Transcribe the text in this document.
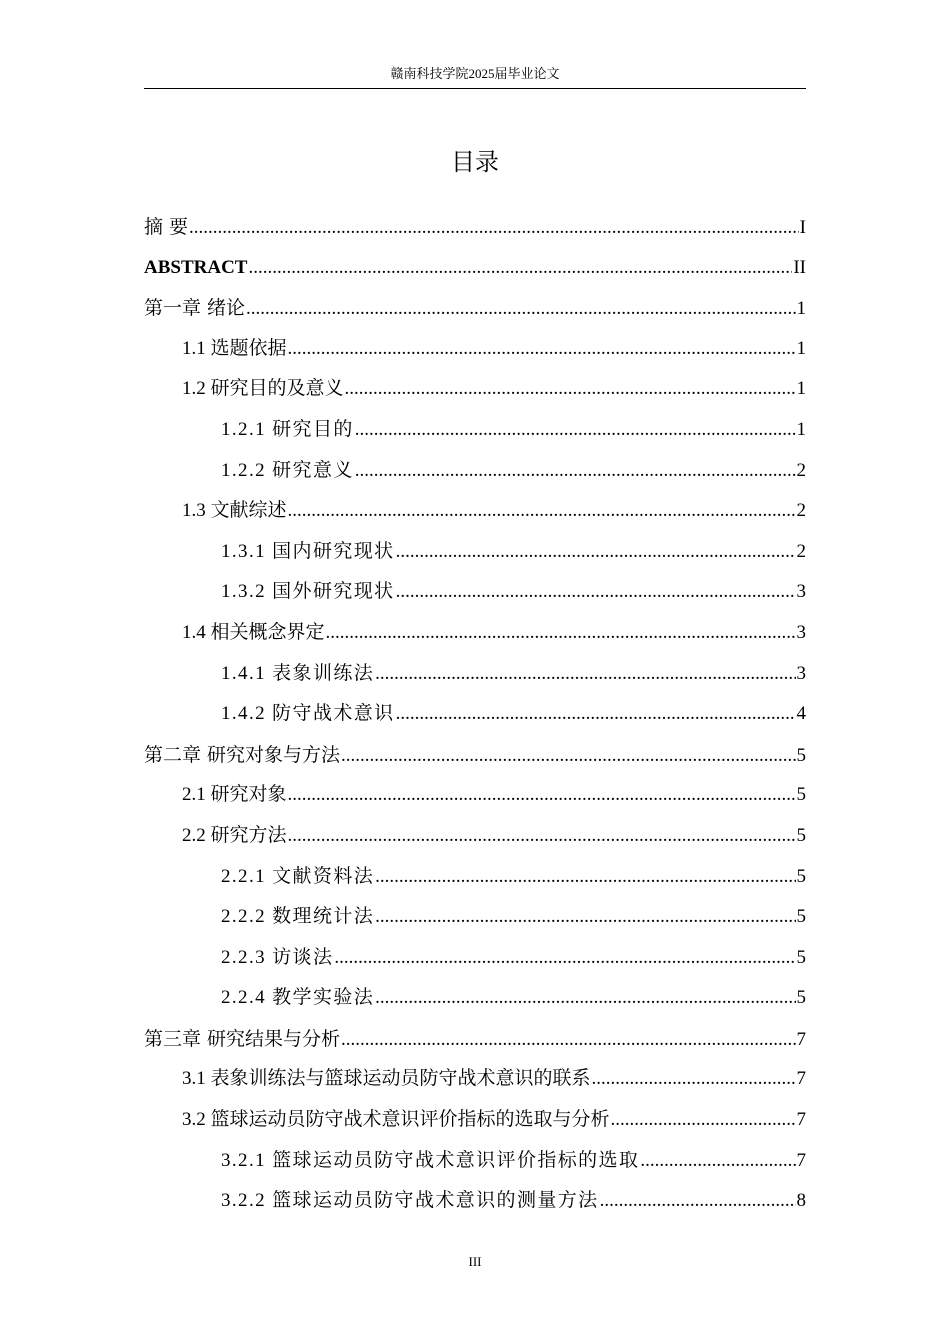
赣南科技学院2025届毕业论文
目录
摘 要 .....	I
ABSTRACT .....	II
第一章 绪论 .....	1
1.1 选题依据 .....	1
1.2 研究目的及意义 .....	1
1.2.1 研究目的 .....	1
1.2.2 研究意义 .....	2
1.3 文献综述 .....	2
1.3.1 国内研究现状 .....	2
1.3.2 国外研究现状 .....	3
1.4 相关概念界定 .....	3
1.4.1 表象训练法 .....	3
1.4.2 防守战术意识 .....	4
第二章 研究对象与方法 .....	5
2.1 研究对象 .....	5
2.2 研究方法 .....	5
2.2.1 文献资料法 .....	5
2.2.2 数理统计法 .....	5
2.2.3 访谈法 .....	5
2.2.4 教学实验法 .....	5
第三章 研究结果与分析 .....	7
3.1 表象训练法与篮球运动员防守战术意识的联系 .....	7
3.2 篮球运动员防守战术意识评价指标的选取与分析 .....	7
3.2.1 篮球运动员防守战术意识评价指标的选取 .....	7
3.2.2 篮球运动员防守战术意识的测量方法 .....	8
III
